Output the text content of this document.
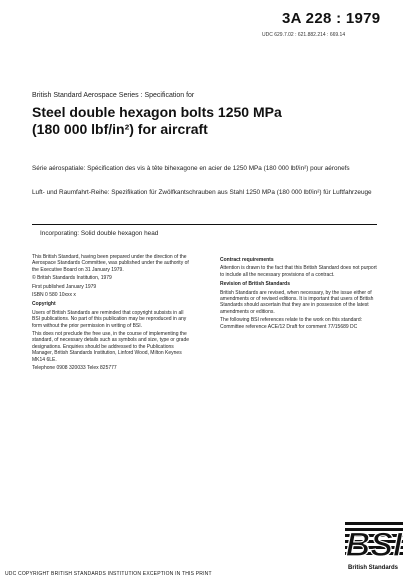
3A 228 : 1979
UDC 629.7.02 : 621.882.214 : 669.14
British Standard Aerospace Series : Specification for
Steel double hexagon bolts 1250 MPa
(180 000 lbf/in²) for aircraft
Série aérospatiale: Spécification des vis à tête bihexagone en acier de 1250 MPa (180 000 lbf/in²) pour aéronefs
Luft- und Raumfahrt-Reihe: Spezifikation für Zwölfkantschrauben aus Stahl 1250 MPa (180 000 lbf/in²) für Luftfahrzeuge
Incorporating: Solid double hexagon head

This British Standard, having been prepared under the direction of the Aerospace Standards Committee, was published under the authority of the Executive Board on 31 January 1979.

© British Standards Institution, 1979

First published January 1979

ISBN 0 580 10xxx x

Copyright

Users of British Standards are reminded that copyright subsists in all BSI publications. No part of this publication may be reproduced in any form without the prior permission in writing of BSI.

This does not preclude the free use, in the course of implementing the standard, of necessary details such as symbols and size, type or grade designations. Enquiries should be addressed to the Publications Manager, British Standards Institution, Linford Wood, Milton Keynes MK14 6LE.

Telephone 0908 320033 Telex 825777

Contract requirements

Attention is drawn to the fact that this British Standard does not purport to include all the necessary provisions of a contract.

Revision of British Standards

British Standards are revised, when necessary, by the issue either of amendments or of revised editions. It is important that users of British Standards should ascertain that they are in possession of the latest amendments or editions.

The following BSI references relate to the work on this standard: Committee reference ACE/12 Draft for comment 77/15689 DC

BSI
British Standards
UDC COPYRIGHT BRITISH STANDARDS INSTITUTION EXCEPTION IN THIS PRINT
